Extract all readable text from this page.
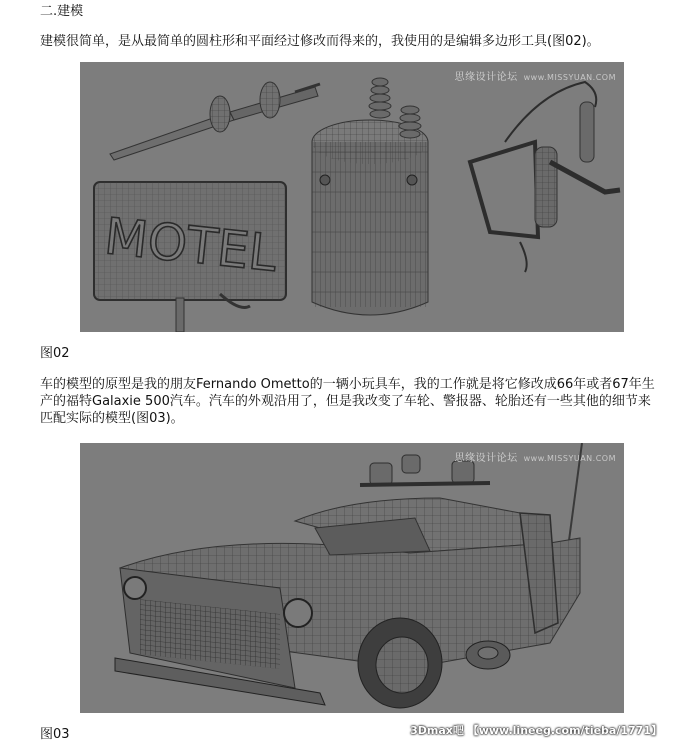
二.建模
建模很简单，是从最简单的圆柱形和平面经过修改而得来的，我使用的是编辑多边形工具(图02)。
MOTEL
思缘设计论坛 www.MISSYUAN.COM
图02
车的模型的原型是我的朋友Fernando Ometto的一辆小玩具车，我的工作就是将它修改成66年或者67年生产的福特Galaxie 500汽车。汽车的外观沿用了，但是我改变了车轮、警报器、轮胎还有一些其他的细节来匹配实际的模型(图03)。
思缘设计论坛 www.MISSYUAN.COM
图03	3Dmax吧 【www.lineeg.com/tieba/1771】
